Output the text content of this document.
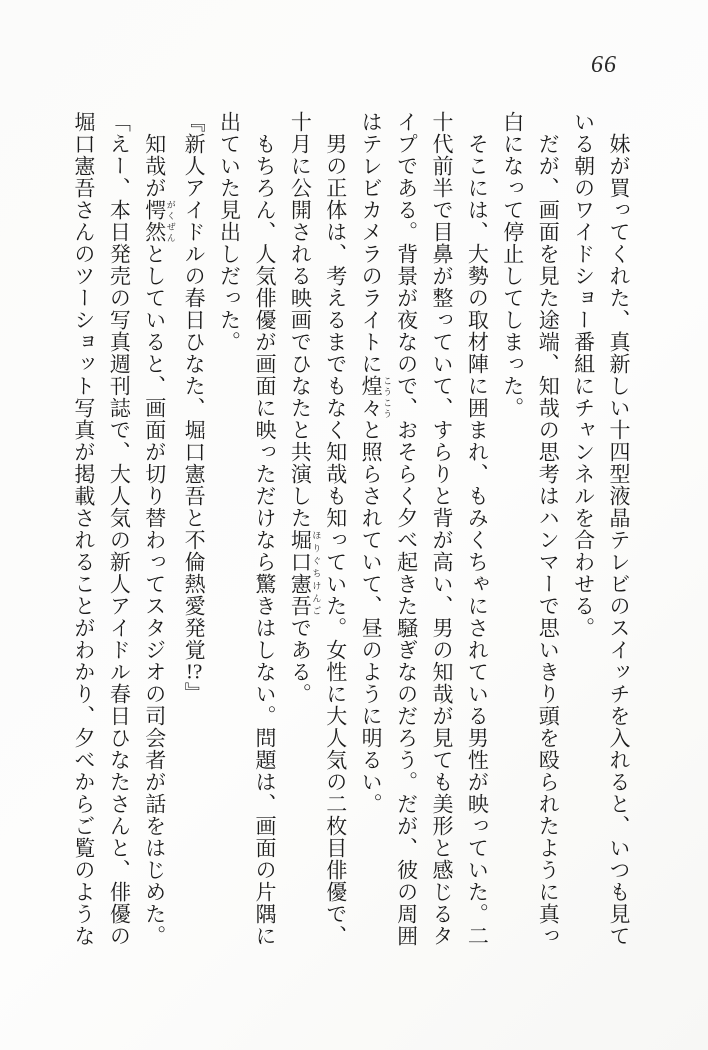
66

妹が買ってくれた、真新しい十四型液晶テレビのスイッチを入れると、いつも見ている朝のワイドショー番組にチャンネルを合わせる。

だが、画面を見た途端、知哉の思考はハンマーで思いきり頭を殴られたように真っ白になって停止してしまった。

そこには、大勢の取材陣に囲まれ、もみくちゃにされている男性が映っていた。二十代前半で目鼻が整っていて、すらりと背が高い、男の知哉が見ても美形と感じるタイプである。背景が夜なので、おそらく夕べ起きた騒ぎなのだろう。だが、彼の周囲はテレビカメラのライトに煌々 こうこうと照らされていて、昼のように明るい。

男の正体は、考えるまでもなく知哉も知っていた。女性に大人気の二枚目俳優で、十月に公開される映画でひなたと共演した堀口憲吾 ほりぐちけんごである。

もちろん、人気俳優が画面に映っただけなら驚きはしない。問題は、画面の片隅に出ていた見出しだった。

『新人アイドルの春日ひなた、堀口憲吾と不倫熱愛発覚!?』

知哉が愕然 がくぜんとしていると、画面が切り替わってスタジオの司会者が話をはじめた。

「えー、本日発売の写真週刊誌で、大人気の新人アイドル春日ひなたさんと、俳優の堀口憲吾さんのツーショット写真が掲載されることがわかり、夕べからご覧のような
